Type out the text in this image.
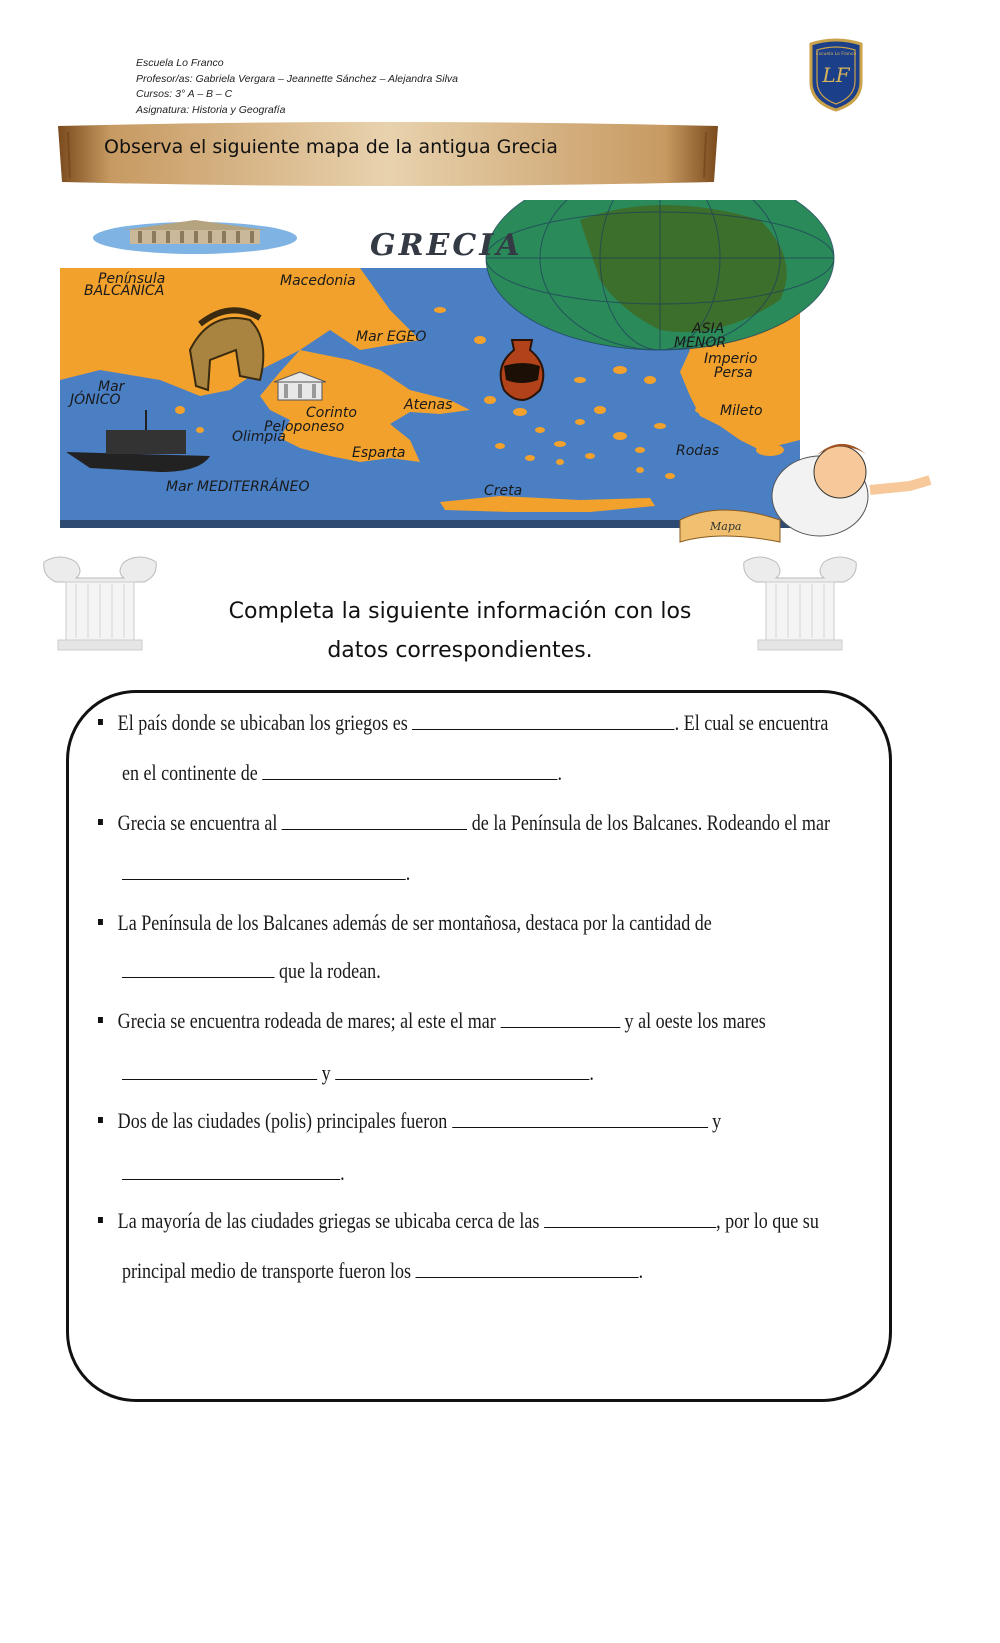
Escuela Lo Franco
Profesor/as: Gabriela Vergara – Jeannette Sánchez – Alejandra Silva
Cursos: 3° A – B – C
Asignatura: Historia y Geografía
LF
Escuela Lo Franco
Observa el siguiente mapa de la antigua Grecia
Mapa
GRECIA
Península
BALCÁNICA
Macedonia
Mar EGEO	ASIA
MENOR
Imperio
Persa
Mar
JÓNICO	Atenas
Corinto
Peloponeso
Olimpia
Esparta
Mileto
Rodas
Mar MEDITERRÁNEO	Creta
Completa la siguiente información con los
datos correspondientes.
El país donde se ubicaban los griegos es	. El cual se encuentra
en el continente de	.
Grecia se encuentra al	de la Península de los Balcanes. Rodeando el mar
.
La Península de los Balcanes además de ser montañosa, destaca por la cantidad de
que la rodean.
Grecia se encuentra rodeada de mares; al este el mar	y al oeste los mares
y	.
Dos de las ciudades (polis) principales fueron	y
.
La mayoría de las ciudades griegas se ubicaba cerca de las	, por lo que su
principal medio de transporte fueron los	.
